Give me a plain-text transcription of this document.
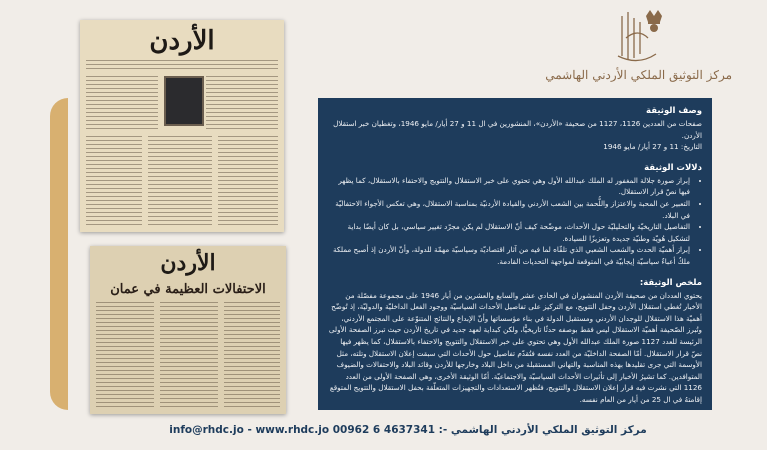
مركز التوثيق الملكي الأردني الهاشمي
الأردن
الأردن
الاحتفالات العظيمة في عمان
وصف الوثيقة

صفحات من العددين 1126، 1127 من صحيفة «الأردن»، المنشورين في ال 11 و 27 أيار/ مايو 1946، وتغطيان خبر استقلال الأردن.

التاريخ: 11 و 27 أيار/ مايو 1946

دلالات الوثيقة
• إبراز صورة جلالة المغفور له الملك عبدالله الأول وهي تحتوي على خبر الاستقلال والتتويج والاحتفاء بالاستقلال، كما يظهر فيها نصّ قرار الاستقلال.
• التعبير عن المحبة والاعتزاز واللُّحمة بين الشعب الأردني والقيادة الأردنيّة بمناسبة الاستقلال، وهي تعكس الأجواء الاحتفاليّة في البلاد.
• التفاصيل التاريخيّة والتحليليّة حول الأحداث، موضّحة كيف أنّ الاستقلال لم يكن مجرّد تغيير سياسي، بل كان أيضًا بداية لتشكيل هُويّة وطنيّة جديدة وتعزيزًا للسيادة.
• إبراز أهميّة الحدث والشعب الشعبي الذي تلقّاه لما فيه من آثار اقتصاديّة وسياسيّة مهمّة للدولة، وأنّ الأردن إذ أصبح مملكة ملكٌ أعباءٌ سياسيّة إيجابيّة في المتوقعة لمواجهة التحديات القادمة.
ملخص الوثيقة:

يحتوي العددان من صحيفة الأردن المنشوران في الحادي عشر والسابع والعشرين من أيار 1946 على مجموعة مفصّلة من الأخبار تُغطي استقلال الأردن وحفل التتويج، مع التركيز على تفاصيل الأحداث السياسيّة ووجود الفعل الداخليّة والدوليّة، إذ تُوضّح أهميّة هذا الاستقلال للوجدان الأردني ومستقبل الدولة في بناء مؤسساتها وأنّ الإبداع والنتائج المتنوّعة على المجتمع الأردني، وتُبرز الصّحيفة أهميّة الاستقلال ليس فقط بوصفه حدثًا تاريخيًّا، ولكن كبداية لعهد جديد في تاريخ الأردن حيث تبرز الصفحة الأولى الرئيسة للعدد 1127 صورة الملك عبدالله الأول وهي تحتوي على خبر الاستقلال والتتويج والاحتفاء بالاستقلال، كما يظهر فيها نصّ قرار الاستقلال. أمّا الصفحة الداخليّة من العدد نفسه فتُقدّم تفاصيل حول الأحداث التي سبقت إعلان الاستقلال وتلته، مثل الأوسمة التي جرى تقليدها بهذه المناسبة والتهاني المستقبلة من داخل البلاد وخارجها للأردن وقائد البلاد والاحتفالات والضيوف المتوافدين. كما تشيرُ الأخبار إلى تأثيرات الأحداث السياسيّة والاجتماعيّة. أمّا الوثيقة الأخرى، وهي الصفحة الأولى من العدد 1126 التي نشرت فيه قرار إعلان الاستقلال والتتويج، فتُظهر الاستعدادات والتجهيزات المتعلّقة بحفل الاستقلال والتتويج المتوقع إقامتهُ في ال 25 من أيار من العام نفسه.

info@rhdc.jo - www.rhdc.jo 00962 6 4637341 :- مركز التوثيق الملكي الأردني الهاشمي
